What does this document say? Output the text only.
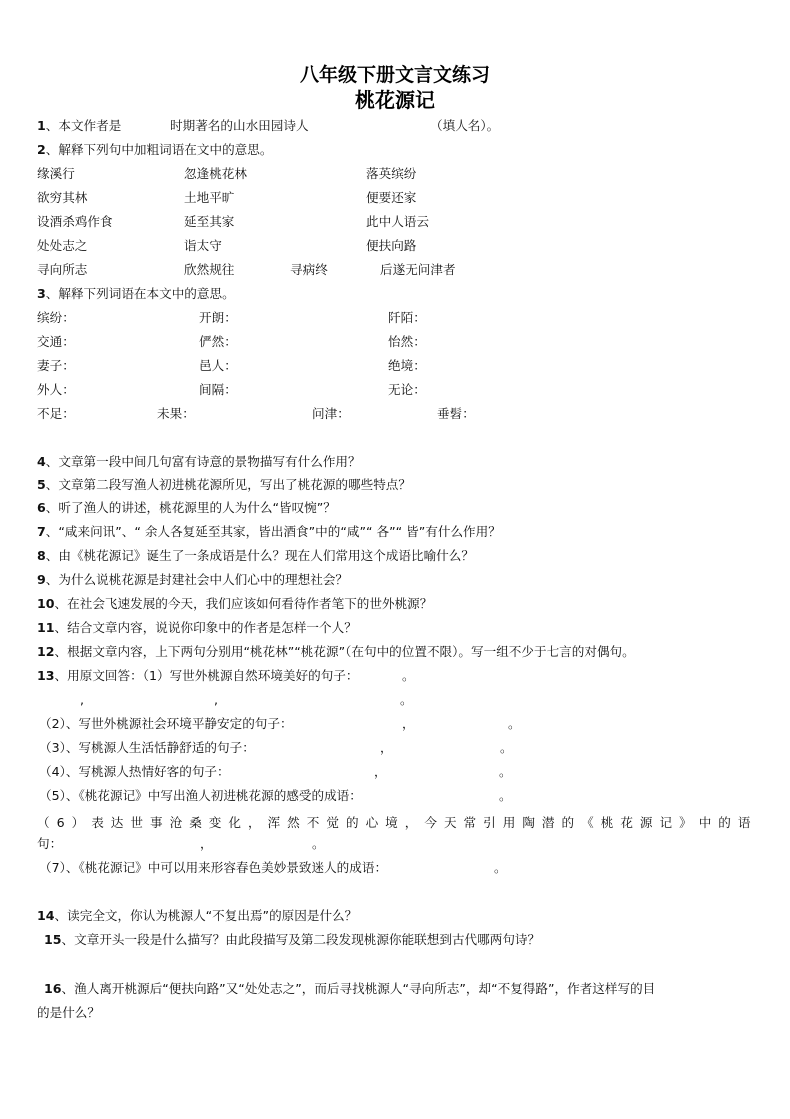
八年级下册文言文练习
桃花源记
1、本文作者是	时期著名的山水田园诗人	（填人名）。
2、解释下列句中加粗词语在文中的意思。
缘溪行	忽逢桃花林	落英缤纷
欲穷其林	土地平旷	便要还家
设酒杀鸡作食	延至其家	此中人语云
处处志之	诣太守	便扶向路
寻向所志	欣然规往	寻病终	后遂无问津者
3、解释下列词语在本文中的意思。
缤纷：	开朗：	阡陌：
交通：	俨然：	怡然：
妻子：	邑人：	绝境：
外人：	间隔：	无论：
不足：	未果：	问津：	垂髫：
4、文章第一段中间几句富有诗意的景物描写有什么作用？
5、文章第二段写渔人初进桃花源所见，写出了桃花源的哪些特点？
6、听了渔人的讲述，桃花源里的人为什么“皆叹惋”？
7、“咸来问讯”、“ 余人各复延至其家，皆出酒食”中的“咸”“ 各”“ 皆”有什么作用？
8、由《桃花源记》诞生了一条成语是什么？现在人们常用这个成语比喻什么？
9、为什么说桃花源是封建社会中人们心中的理想社会？
10、在社会飞速发展的今天，我们应该如何看待作者笔下的世外桃源？
11、结合文章内容，说说你印象中的作者是怎样一个人？
12、根据文章内容，上下两句分别用“桃花林”“桃花源”（在句中的位置不限）。写一组不少于七言的对偶句。
13、用原文回答：（1）写世外桃源自然环境美好的句子：	。
,	,	。
（2）、写世外桃源社会环境平静安定的句子：	，	。
（3）、写桃源人生活恬静舒适的句子：	，	。
（4）、写桃源人热情好客的句子：	，	。
（5）、《桃花源记》中写出渔人初进桃花源的感受的成语：	。
（6）表达世事沧桑变化，浑然不觉的心境，今天常引用陶潜的《桃花源记》中的语
句：	，	。
（7）、《桃花源记》中可以用来形容春色美妙景致迷人的成语：	。
14、读完全文，你认为桃源人“不复出焉”的原因是什么？
15、文章开头一段是什么描写？由此段描写及第二段发现桃源你能联想到古代哪两句诗？
16、渔人离开桃源后“便扶向路”又“处处志之”，而后寻找桃源人“寻向所志”，却“不复得路”，作者这样写的目
的是什么？
